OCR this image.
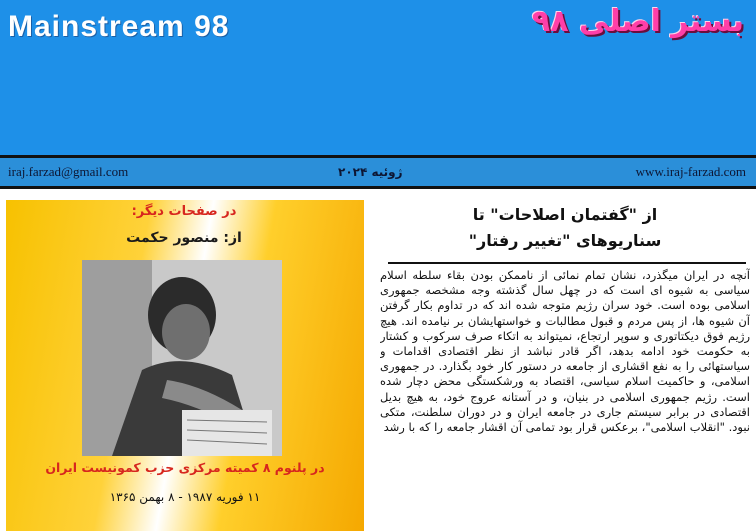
Mainstream 98	بستر اصلی ۹۸
iraj.farzad@gmail.com	ژوئیه ۲۰۲۴	www.iraj-farzad.com
در صفحات دیگر:
از: منصور حکمت
در پلنوم ۸ کمیته مرکزی حزب کمونیست ایران
۱۱ فوریه ۱۹۸۷ - ۸ بهمن ۱۳۶۵
از "گفتمان اصلاحات" تا
سناریوهای "تغییر رفتار"

آنچه در ایران میگذرد، نشان تمام نمائی از ناممکن بودن بقاء سلطه اسلام سیاسی به شیوه ای است که در چهل سال گذشته وجه مشخصه جمهوری اسلامی بوده است. خود سران رژیم متوجه شده اند که در تداوم بکار گرفتن آن شیوه ها، از پس مردم و قبول مطالبات و خواستهایشان بر نیامده اند. هیچ رژیم فوق دیکتاتوری و سوپر ارتجاع، نمیتواند به اتکاء صرف سرکوب و کشتار به حکومت خود ادامه بدهد، اگر قادر نباشد از نظر اقتصادی اقدامات و سیاستهائی را به نفع اقشاری از جامعه در دستور کار خود بگذارد. در جمهوری اسلامی، و حاکمیت اسلام سیاسی، اقتصاد به ورشکستگی محض دچار شده است. رژیم جمهوری اسلامی در بنیان، و در آستانه عروج خود، به هیچ بدیل اقتصادی در برابر سیستم جاری در جامعه ایران و در دوران سلطنت، متکی نبود. "انقلاب اسلامی"، برعکس قرار بود تمامی آن اقشار جامعه را که با رشد
